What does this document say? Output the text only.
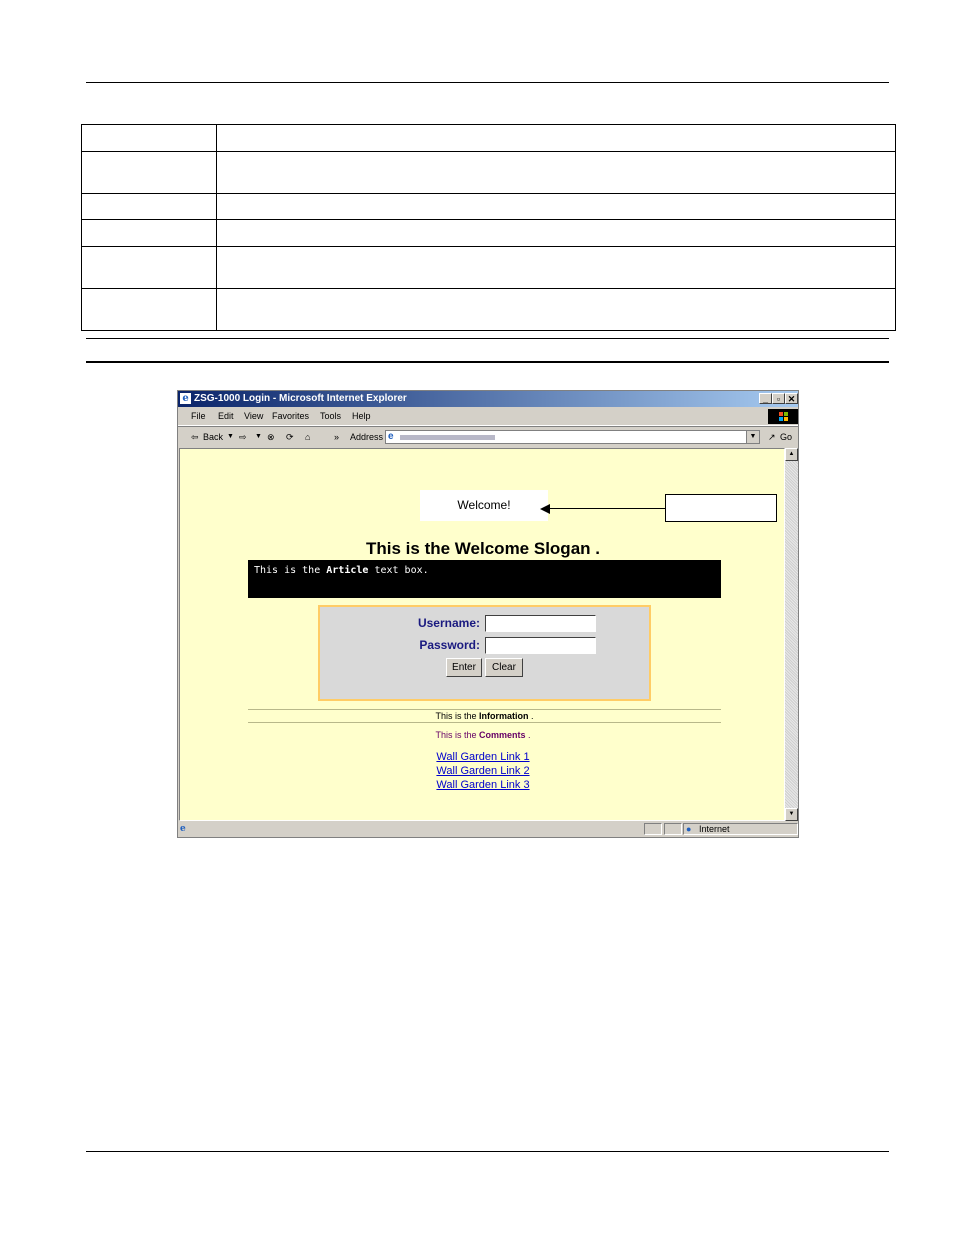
e ZSG-1000 Login - Microsoft Internet Explorer	_ ▫ ✕
File Edit View Favorites Tools Help
⇦ Back ▼ ⇨ ▼ ⊗ ⟳ ⌂	» Address e	▼ ↗ Go
Welcome!
This is the Welcome Slogan .
This is the Article text box.
Username:
Password:
Enter	Clear
This is the Information .
This is the Comments .
Wall Garden Link 1
Wall Garden Link 2
Wall Garden Link 3
▲
▼
e	● Internet
